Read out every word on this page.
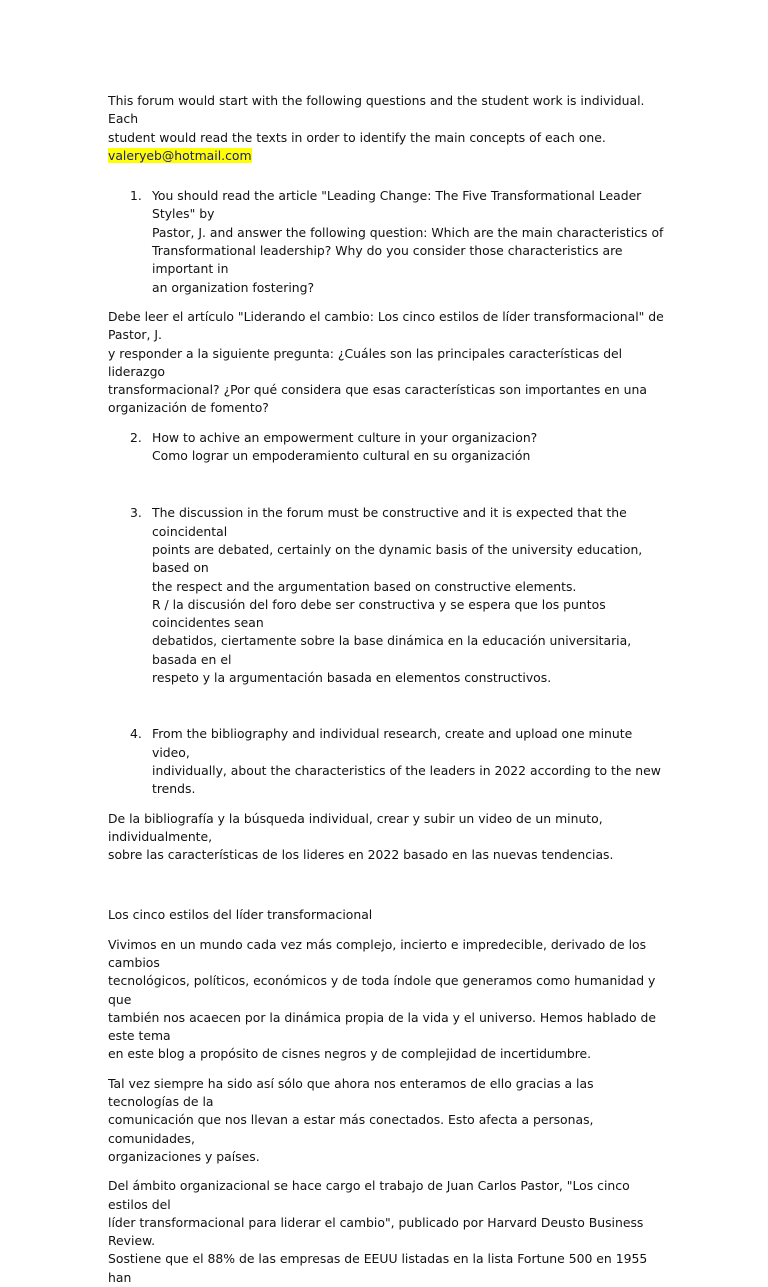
This forum would start with the following questions and the student work is individual. Each
student would read the texts in order to identify the main concepts of each one.

valeryeb@hotmail.com

1. You should read the article "Leading Change: The Five Transformational Leader Styles" by
Pastor, J. and answer the following question: Which are the main characteristics of
Transformational leadership? Why do you consider those characteristics are important in
an organization fostering?

Debe leer el artículo "Liderando el cambio: Los cinco estilos de líder transformacional" de Pastor, J.
y responder a la siguiente pregunta: ¿Cuáles son las principales características del liderazgo
transformacional? ¿Por qué considera que esas características son importantes en una
organización de fomento?

2. How to achive an empowerment culture in your organizacion?
Como lograr un empoderamiento cultural en su organización
3. The discussion in the forum must be constructive and it is expected that the coincidental
points are debated, certainly on the dynamic basis of the university education, based on
the respect and the argumentation based on constructive elements.
R / la discusión del foro debe ser constructiva y se espera que los puntos coincidentes sean
debatidos, ciertamente sobre la base dinámica en la educación universitaria, basada en el
respeto y la argumentación basada en elementos constructivos.
4. From the bibliography and individual research, create and upload one minute video,
individually, about the characteristics of the leaders in 2022 according to the new trends.

De la bibliografía y la búsqueda individual, crear y subir un video de un minuto, individualmente,
sobre las características de los lideres en 2022 basado en las nuevas tendencias.

Los cinco estilos del líder transformacional

Vivimos en un mundo cada vez más complejo, incierto e impredecible, derivado de los cambios
tecnológicos, políticos, económicos y de toda índole que generamos como humanidad y que
también nos acaecen por la dinámica propia de la vida y el universo. Hemos hablado de este tema
en este blog a propósito de cisnes negros y de complejidad de incertidumbre.

Tal vez siempre ha sido así sólo que ahora nos enteramos de ello gracias a las tecnologías de la
comunicación que nos llevan a estar más conectados. Esto afecta a personas, comunidades,
organizaciones y países.

Del ámbito organizacional se hace cargo el trabajo de Juan Carlos Pastor, "Los cinco estilos del
líder transformacional para liderar el cambio", publicado por Harvard Deusto Business Review.
Sostiene que el 88% de las empresas de EEUU listadas en la lista Fortune 500 en 1955 han
